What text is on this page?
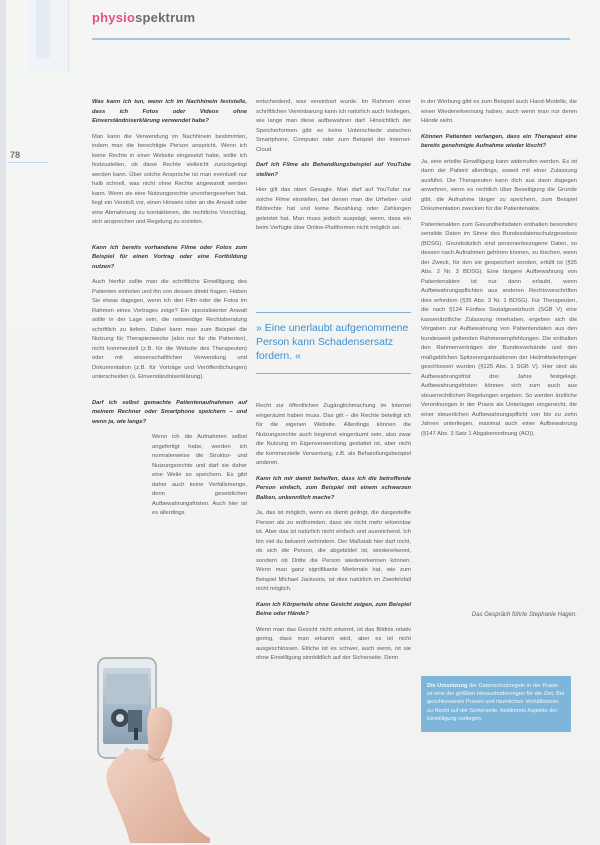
physiospektrum
78

Was kann ich tun, wenn ich im Nachhinein feststelle, dass ich Fotos oder Videos ohne Einverständniserklärung verwendet habe?

Man kann die Verwendung im Nachhinein bestimmten, indem man die berechtigte Person anspricht. Wenn ich keine Rechte in einer Website eingesetzt habe, sollte ich festzustellen, ob diese Rechte vielleicht zurückgelegt werden kann. Über solche Ansprüche ist man eventuell nur halb schnell, was nicht ohne Rechte angewandt werden kann. Wenn sie eine Nutzungsrechte unvorhergesehen hat, liegt ein Verstoß vor, einen Hinweis oder an die Anwalt oder eine Abmahnung zu kontaktieren, die rechtliche Vorschlag, sich ansprechen und Regelung zu erzielen.

Kann ich bereits vorhandene Filme oder Fotos zum Beispiel für einen Vortrag oder eine Fortbildung nutzen?

Auch hierfür sollte man die schriftliche Einwilligung des Patienten einholen und ihn von dessen direkt fragen. Haben Sie etwas dagegen, wenn ich den Film oder die Fotos im Rahmen eines Vortrages zeige? Ein spezialisierter Anwalt sollte in der Lage sein, die notwendige Rechtsberatung schriftlich zu liefern. Dabei kann man zum Beispiel die Nutzung für Therapiezwecke (also nur für die Patienten), nicht kommerziell (z.B. für die Website des Therapeuten) oder mit wissenschaftlichen Verwendung und Dokumentation (z.B. für Vorträge und Veröffentlichungen) unterscheiden (s. Einverständniserklärung).

Darf ich selbst gemachte Patientenaufnahmen auf meinem Rechner oder Smartphone speichern – und wenn ja, wie lange?

Wenn ich die Aufnahmen selbst angefertigt habe, werden ich normalerweise die Struktur- und Nutzungsrechte und darf sie daher eine Weile so speichern. Es gibt daher auch keine Verfallsmenge, denn gesetzlichen Aufbewahrungsfristen. Auch hier ist es allerdings

entscheidend, was vereinbart wurde. Im Rahmen einer schriftlichen Vereinbarung kann ich natürlich auch festlegen, wie lange man diese aufbewahren darf. Hinsichtlich der Speicherformen gibt es keine Unterschiede zwischen Smartphone, Computer oder zum Beispiel der Internet-Cloud.

Darf ich Filme als Behandlungsbeispiel auf YouTube stellen?

Hier gilt das oben Gesagte. Man darf auf YouTube nur solche Filme einstellen, bei denen man die Urheber- und Bildrechte hat und keine Bezahlung oder Zahlungen geleistet hat. Man muss jedoch ausprägt, wenn, dass ein beim Verfügte über Online-Plattformen nicht möglich sei.

» Eine unerlaubt aufgenommene Person kann Schadensersatz fordern. «

Recht zur öffentlichen Zugänglichmachung im Internet eingeräumt haben muss. Das gilt – die Rechte beteiligt ich für die eigenen Website. Allerdings können die Nutzungsrechte auch begrenzt eingeräumt sein, also zwar die Nutzung im Eigenverwendung gestattet ist, aber nicht die kommerzielle Verwertung, z.B. als Behandlungsbeispiel anderen.

Kann ich mir damit behelfen, dass ich die betroffende Person einfach, zum Beispiel mit einem schwarzen Balken, unkenntlich mache?

Ja, das ist möglich, wenn es damit gelingt, die dargestellte Person als zu entfremden, dass sie nicht mehr erkennbar ist. Aber das ist natürlich nicht einfach und ausreichend. Ich bin viel du bekannt verhindern. Der Maßstab hier darf nicht, ob sich die Person, die abgebildet ist, wiedererkennt, sondern ob Dritte die Person wiedererkennen können. Wenn man ganz signifikante Merkmale hat, wie zum Beispiel Michael Jacksons, ist dies natürlich im Zweifelsfall nicht möglich.

Kann ich Körperteile ohne Gesicht zeigen, zum Beispiel Beine oder Hände?

Wenn man das Gesicht nicht erkennt, ist das Bildnis relativ gering, dass man erkannt wird, aber es ist nicht ausgeschlossen. Etliche ist es schwer, auch wenn, ist sie ohne Einwilligung sinnbildlich auf der Sicherseite. Denn

in der Werbung gibt es zum Beispiel auch Hand-Modelle, die einen Wiedererkennung haben, auch wenn man nur deren Hände sieht.

Können Patienten verlangen, dass ein Therapeut eine bereits genehmigte Aufnahme wieder löscht?

Ja, eine erteilte Einwilligung kann widerrufen werden. Es ist dann der Patient allerdings, soweit mit einer Zulassung ausführt. Die Therapeuten kann dich aus dann dagegen anwehren, wenn es rechtlich über Beseitigung die Grunde gibt, die Aufnahme länger zu speichern, zum Beispiel Dokumentation zwecken für die Patientenakte.

Patientenakten zum Gesundheitsdaten enthalten besonders sensible Daten im Sinne des Bundesdatenschutzgesetzes (BDSG). Grundsätzlich sind personenbezogene Daten, so dessen nach Aufnahmen gehören können, zu löschen, wenn der Zweck, für den sie gespeichert worden, erfüllt ist (§35 Abs. 2 Nr. 3 BDSG). Eine längere Aufbewahrung von Patientenakten ist nur dann erlaubt, wenn Aufbewahrungspflichten aus anderen Rechtsvorschriften dies erfordern (§35 Abs. 3 Nr. 1 BDSG). Für Therapeuten, die nach §124 Fünftes Sozialgesetzbuch (SGB V) eine kassenärztliche Zulassung innehaben, ergeben sich die Vorgaben zur Aufbewahrung von Patientendaten aus den bundesweit geltenden Rahmenempfehlungen. Die enthalten den Rahmenverträgen der Bundesverbände und den maßgeblichen Spitzenorganisationen der Heilmittelerbringer geschlossen wurden (§125 Abs. 1 SGB V). Hier sind als Aufbewahrungsfrist drei Jahre festgelegt. Aufbewahrungsfristen können sich zum auch aus steuerrechtlichen Regelungen ergeben. So werden ärztliche Verordnungen in der Praxis als Unterlagen eingereicht, die einer steuerlichen Aufbewahrungspflicht von bis zu zehn Jahren unterliegen, maximal auch einer Aufbewahrung (§147 Abs. 3 Satz 1 Abgabenordnung (AO)).

Das Gespräch führte Stephanie Hagen.
Die Umsetzung der Datenschutzregeln in der Praxis ist eine der größten Herausforderungen für die Zeit. Bei geschlossenen Praxen und räumlichen Verhältnissen zu Recht auf der Sicherseite, bestimmte Aspekte der Einwilligung vorliegen.
·
